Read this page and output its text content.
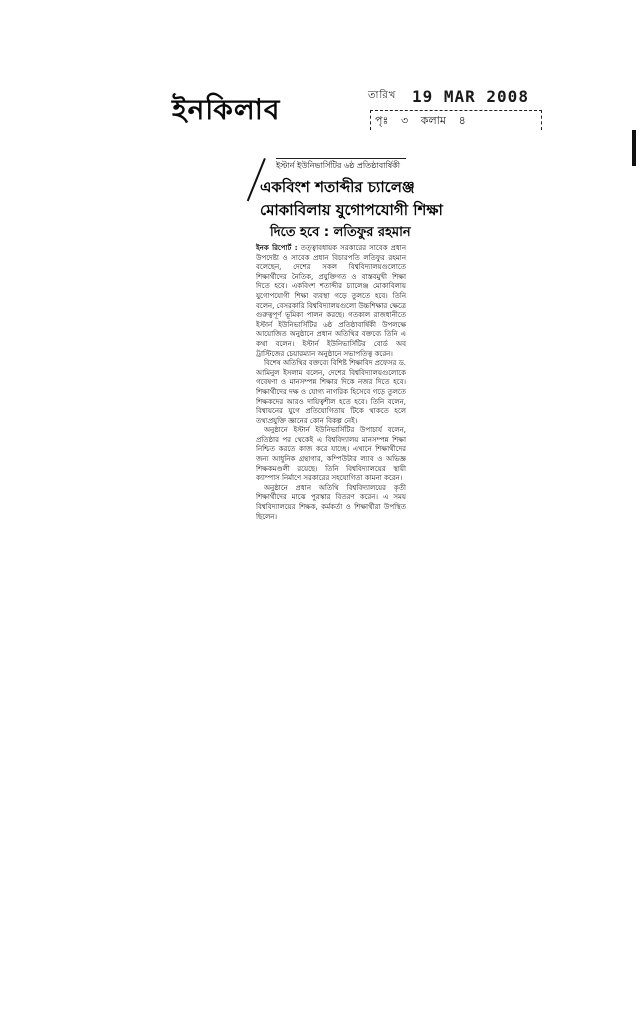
ইনকিলাব	তারিখ 19 MAR 2008
পৃঃ ৩ কলাম ৪
ইস্টার্ন ইউনিভার্সিটির ৬ষ্ঠ প্রতিষ্ঠাবার্ষিকী
একবিংশ শতাব্দীর চ্যালেঞ্জ
মোকাবিলায় যুগোপযোগী শিক্ষা
দিতে হবে : লতিফুর রহমান

ইনক রিপোর্ট : তত্ত্বাবধায়ক সরকারের সাবেক প্রধান উপদেষ্টা ও সাবেক প্রধান বিচারপতি লতিফুর রহমান বলেছেন, দেশের সকল বিশ্ববিদ্যালয়গুলোতে শিক্ষার্থীদের নৈতিক, প্রযুক্তিগত ও বাস্তবমুখী শিক্ষা দিতে হবে। একবিংশ শতাব্দীর চ্যালেঞ্জ মোকাবিলায় যুগোপযোগী শিক্ষা ব্যবস্থা গড়ে তুলতে হবে। তিনি বলেন, বেসরকারি বিশ্ববিদ্যালয়গুলো উচ্চশিক্ষার ক্ষেত্রে গুরুত্বপূর্ণ ভূমিকা পালন করছে। গতকাল রাজধানীতে ইস্টার্ন ইউনিভার্সিটির ৬ষ্ঠ প্রতিষ্ঠাবার্ষিকী উপলক্ষে আয়োজিত অনুষ্ঠানে প্রধান অতিথির বক্তব্যে তিনি এ কথা বলেন। ইস্টার্ন ইউনিভার্সিটির বোর্ড অব ট্রাস্টিজের চেয়ারম্যান অনুষ্ঠানে সভাপতিত্ব করেন।

বিশেষ অতিথির বক্তব্যে বিশিষ্ট শিক্ষাবিদ প্রফেসর ড. আমিনুল ইসলাম বলেন, দেশের বিশ্ববিদ্যালয়গুলোকে গবেষণা ও মানসম্পন্ন শিক্ষার দিকে নজর দিতে হবে। শিক্ষার্থীদের দক্ষ ও যোগ্য নাগরিক হিসেবে গড়ে তুলতে শিক্ষকদের আরও দায়িত্বশীল হতে হবে। তিনি বলেন, বিশ্বায়নের যুগে প্রতিযোগিতায় টিকে থাকতে হলে তথ্যপ্রযুক্তি জ্ঞানের কোন বিকল্প নেই।

অনুষ্ঠানে ইস্টার্ন ইউনিভার্সিটির উপাচার্য বলেন, প্রতিষ্ঠার পর থেকেই এ বিশ্ববিদ্যালয় মানসম্পন্ন শিক্ষা নিশ্চিত করতে কাজ করে যাচ্ছে। এখানে শিক্ষার্থীদের জন্য আধুনিক গ্রন্থাগার, কম্পিউটার ল্যাব ও অভিজ্ঞ শিক্ষকমণ্ডলী রয়েছে। তিনি বিশ্ববিদ্যালয়ের স্থায়ী ক্যাম্পাস নির্মাণে সরকারের সহযোগিতা কামনা করেন।

অনুষ্ঠানে প্রধান অতিথি বিশ্ববিদ্যালয়ের কৃতী শিক্ষার্থীদের মাঝে পুরস্কার বিতরণ করেন। এ সময় বিশ্ববিদ্যালয়ের শিক্ষক, কর্মকর্তা ও শিক্ষার্থীরা উপস্থিত ছিলেন।
